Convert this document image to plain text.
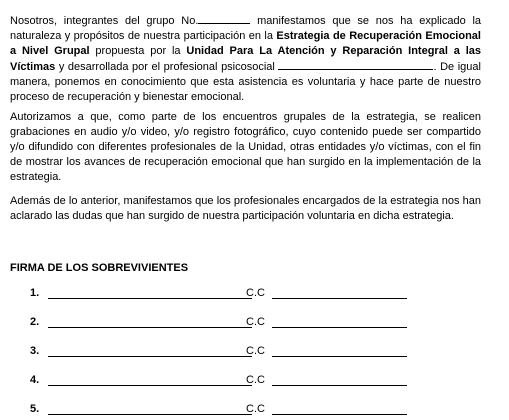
Nosotros, integrantes del grupo No.	manifestamos que se nos ha explicado la naturaleza y propósitos de nuestra participación en la Estrategia de Recuperación Emocional a Nivel Grupal propuesta por la Unidad Para La Atención y Reparación Integral a las Víctimas y desarrollada por el profesional psicosocial	. De igual manera, ponemos en conocimiento que esta asistencia es voluntaria y hace parte de nuestro proceso de recuperación y bienestar emocional.

Autorizamos a que, como parte de los encuentros grupales de la estrategia, se realicen grabaciones en audio y/o video, y/o registro fotográfico, cuyo contenido puede ser compartido y/o difundido con diferentes profesionales de la Unidad, otras entidades y/o víctimas, con el fin de mostrar los avances de recuperación emocional que han surgido en la implementación de la estrategia.

Además de lo anterior, manifestamos que los profesionales encargados de la estrategia nos han aclarado las dudas que han surgido de nuestra participación voluntaria en dicha estrategia.

FIRMA DE LOS SOBREVIVIENTES
1.	C.C
2.	C.C
3.	C.C
4.	C.C
5.	C.C
